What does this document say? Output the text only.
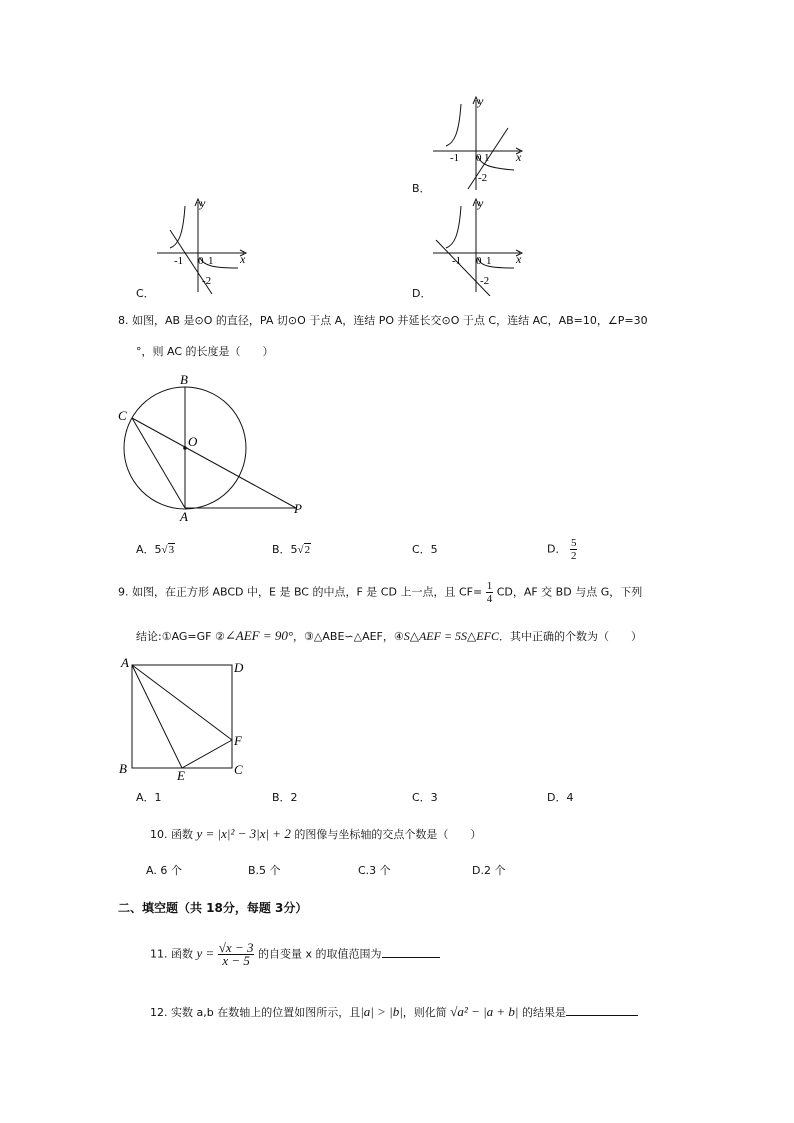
y
x
-1 0 1
-2
B．
y
x
-1 0 1
-2
C．
y
x
-1 0 1
-2
D．
8. 如图，AB 是⊙O 的直径，PA 切⊙O 于点 A，连结 PO 并延长交⊙O 于点 C，连结 AC，AB=10，∠P=30
°，则 AC 的长度是（　　）
B
C
O
A
P
A．5√3	B．5√2	C．5	D． $\frac{5}{2}$
9. 如图，在正方形 ABCD 中，E 是 BC 的中点，F 是 CD 上一点，且 $CF= \frac{1}{4}$ CD，AF 交 BD 与点 G，下列
结论:①AG=GF ②∠AEF = 90°，③△ABE∽△AEF，④S△AEF = 5S△EFC．其中正确的个数为（　　）
A	D
F
B	E	C
A．1	B．2	C．3	D．4
10. 函数 y = |x|² − 3|x| + 2 的图像与坐标轴的交点个数是（　　）
A. 6 个	B.5 个	C.3 个	D.2 个
二、填空题（共 18分，每题 3分）
11. 函数 $y = \frac{√x - 3}{x - 5}$ 的自变量 x 的取值范围为
12. 实数 a,b 在数轴上的位置如图所示，且|a| > |b|，则化简 √a² − |a + b| 的结果是
